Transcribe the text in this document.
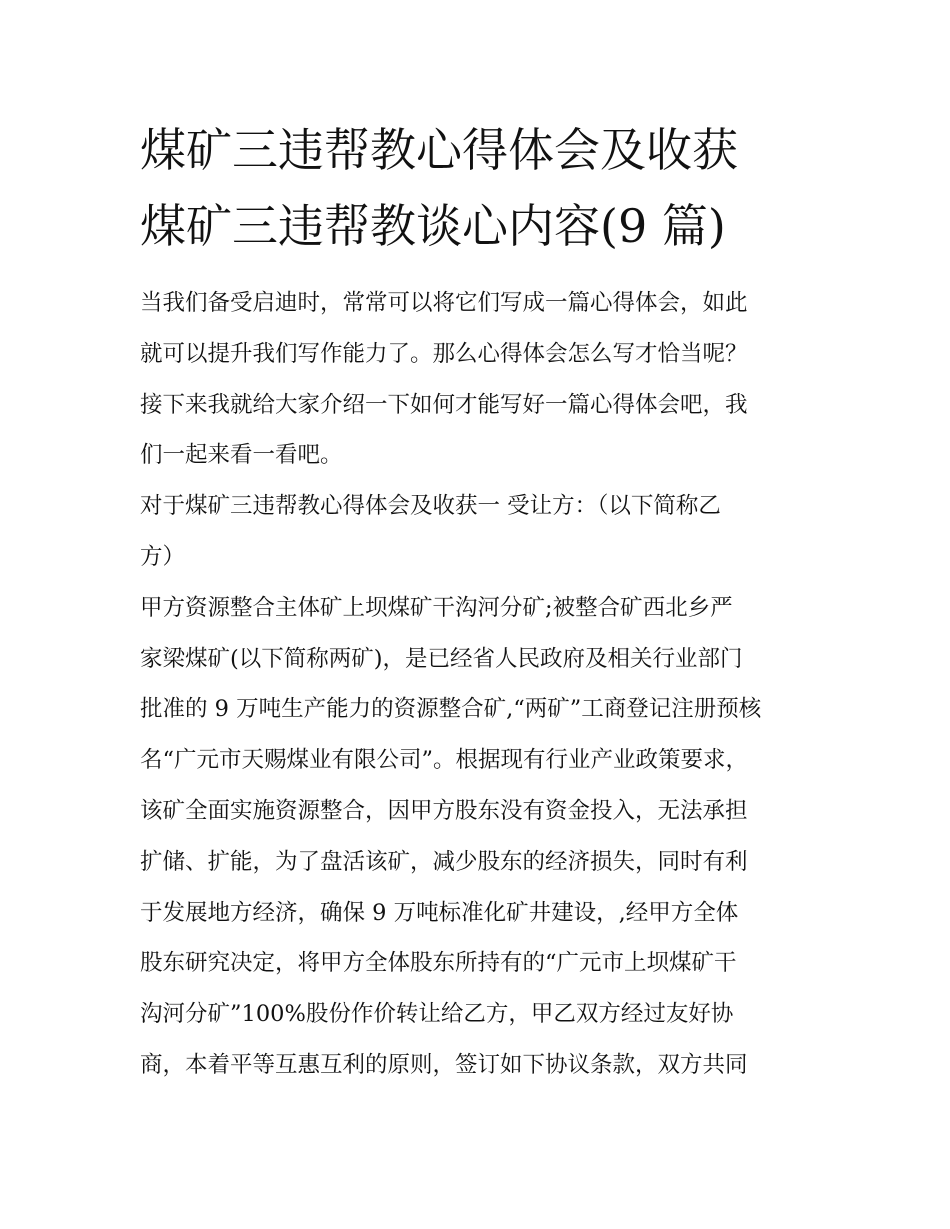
煤矿三违帮教心得体会及收获
煤矿三违帮教谈心内容(9 篇)
当我们备受启迪时，常常可以将它们写成一篇心得体会，如此
就可以提升我们写作能力了。那么心得体会怎么写才恰当呢？
接下来我就给大家介绍一下如何才能写好一篇心得体会吧，我
们一起来看一看吧。
对于煤矿三违帮教心得体会及收获一 受让方：（以下简称乙
方）
甲方资源整合主体矿上坝煤矿干沟河分矿;被整合矿西北乡严
家梁煤矿(以下简称两矿)，是已经省人民政府及相关行业部门
批准的 9 万吨生产能力的资源整合矿,“两矿”工商登记注册预核
名“广元市天赐煤业有限公司”。根据现有行业产业政策要求，
该矿全面实施资源整合，因甲方股东没有资金投入，无法承担
扩储、扩能，为了盘活该矿，减少股东的经济损失，同时有利
于发展地方经济，确保 9 万吨标准化矿井建设，,经甲方全体
股东研究决定，将甲方全体股东所持有的“广元市上坝煤矿干
沟河分矿”100%股份作价转让给乙方，甲乙双方经过友好协
商，本着平等互惠互利的原则，签订如下协议条款，双方共同
